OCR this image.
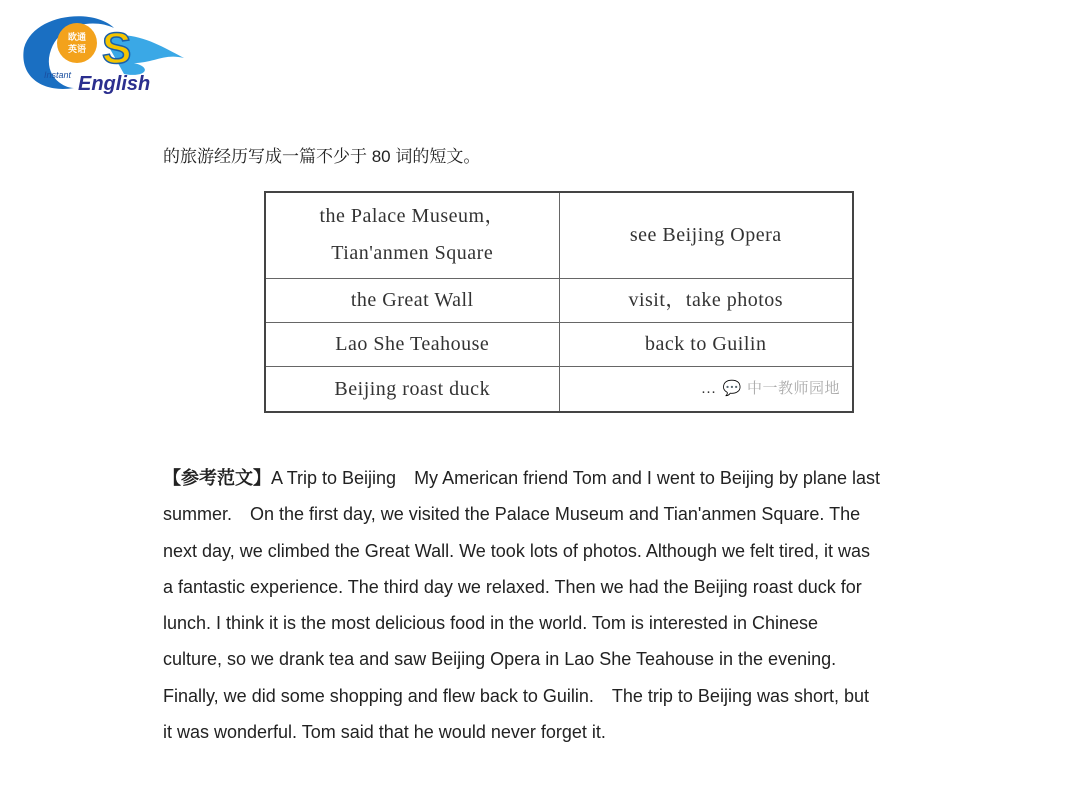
欧通
英语 S
Instant English
的旅游经历写成一篇不少于 80 词的短文。
the Palace Museum，
Tian'anmen Square	see Beijing Opera
the Great Wall	visit，take photos
Lao She Teahouse	back to Guilin
Beijing roast duck	… 💬 中一教师园地
【参考范文】A Trip to Beijing　My American friend Tom and I went to Beijing by plane last
summer.　On the first day, we visited the Palace Museum and Tian'anmen Square. The
next day, we climbed the Great Wall. We took lots of photos. Although we felt tired, it was
a fantastic experience. The third day we relaxed. Then we had the Beijing roast duck for
lunch. I think it is the most delicious food in the world. Tom is interested in Chinese
culture, so we drank tea and saw Beijing Opera in Lao She Teahouse in the evening.
Finally, we did some shopping and flew back to Guilin.　The trip to Beijing was short, but
it was wonderful. Tom said that he would never forget it.
